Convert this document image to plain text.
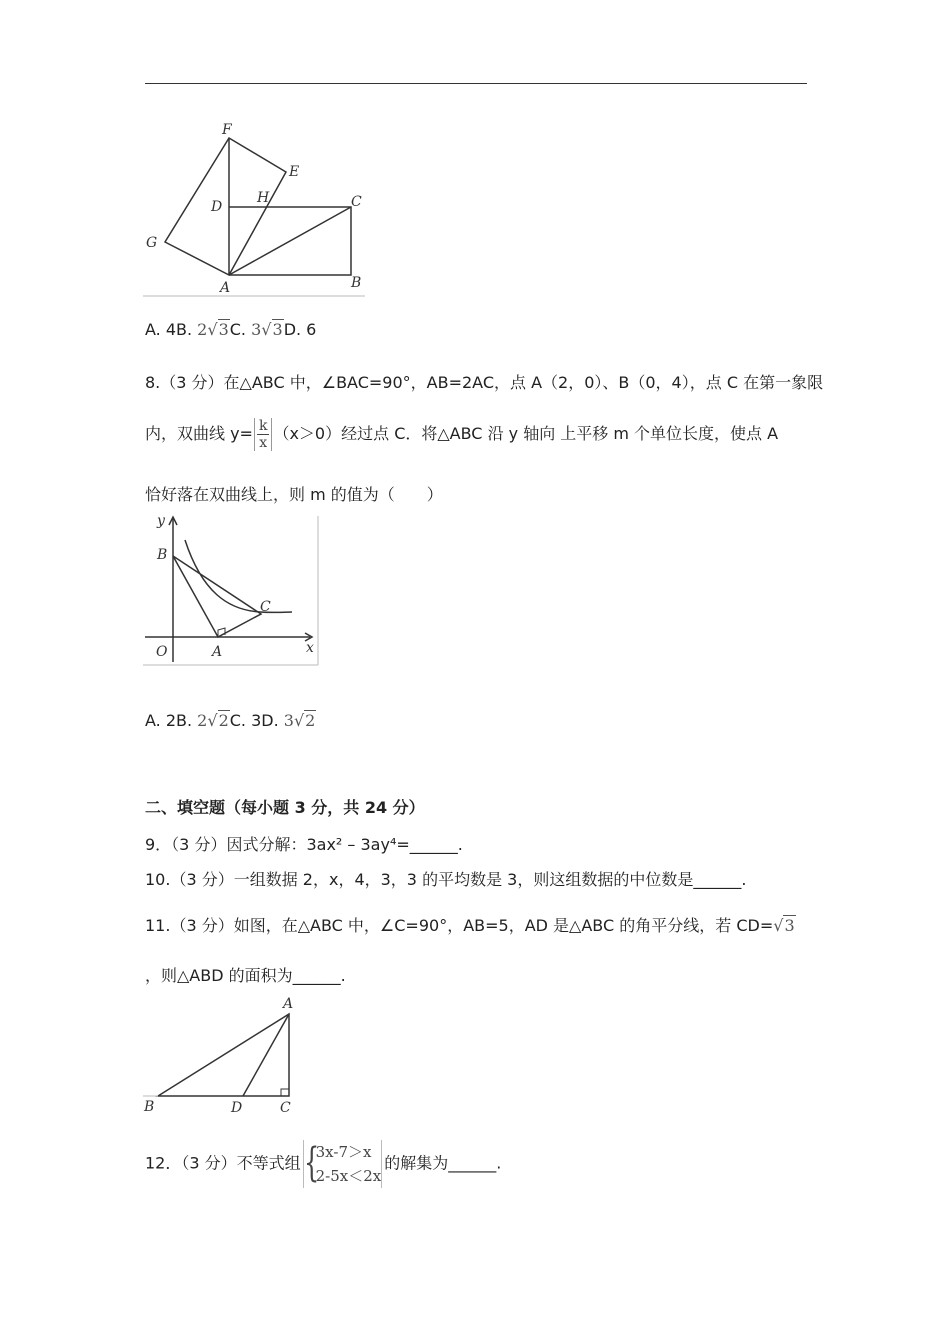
F
E
D
H	C
G
A	B
A. 4B. 2√3C. 3√3D. 6
8.（3 分）在△ABC 中，∠BAC=90°，AB=2AC，点 A（2，0）、B（0，4），点 C 在第一象限
内，双曲线 $y= \frac{k}{x} (x>0)$经过点 C．将△ABC 沿 y 轴向 上平移 m 个单位长度，使点 A
恰好落在双曲线上，则 m 的值为（　　）
y
B
C
O	A	x
A. 2B. 2√2C. 3D. 3√2
二、填空题（每小题 3 分，共 24 分）
9．（3 分）因式分解：3ax² – 3ay⁴=______.
10.（3 分）一组数据 2，x，4，3，3 的平均数是 3，则这组数据的中位数是______.
11.（3 分）如图，在△ABC 中，∠C=90°，AB=5，AD 是△ABC 的角平分线，若 CD=√3
，则△ABD 的面积为______.
A
B	D	C
12．（3 分）不等式组 {
3x-7＞x
2-5x＜2x
的解集为______.
